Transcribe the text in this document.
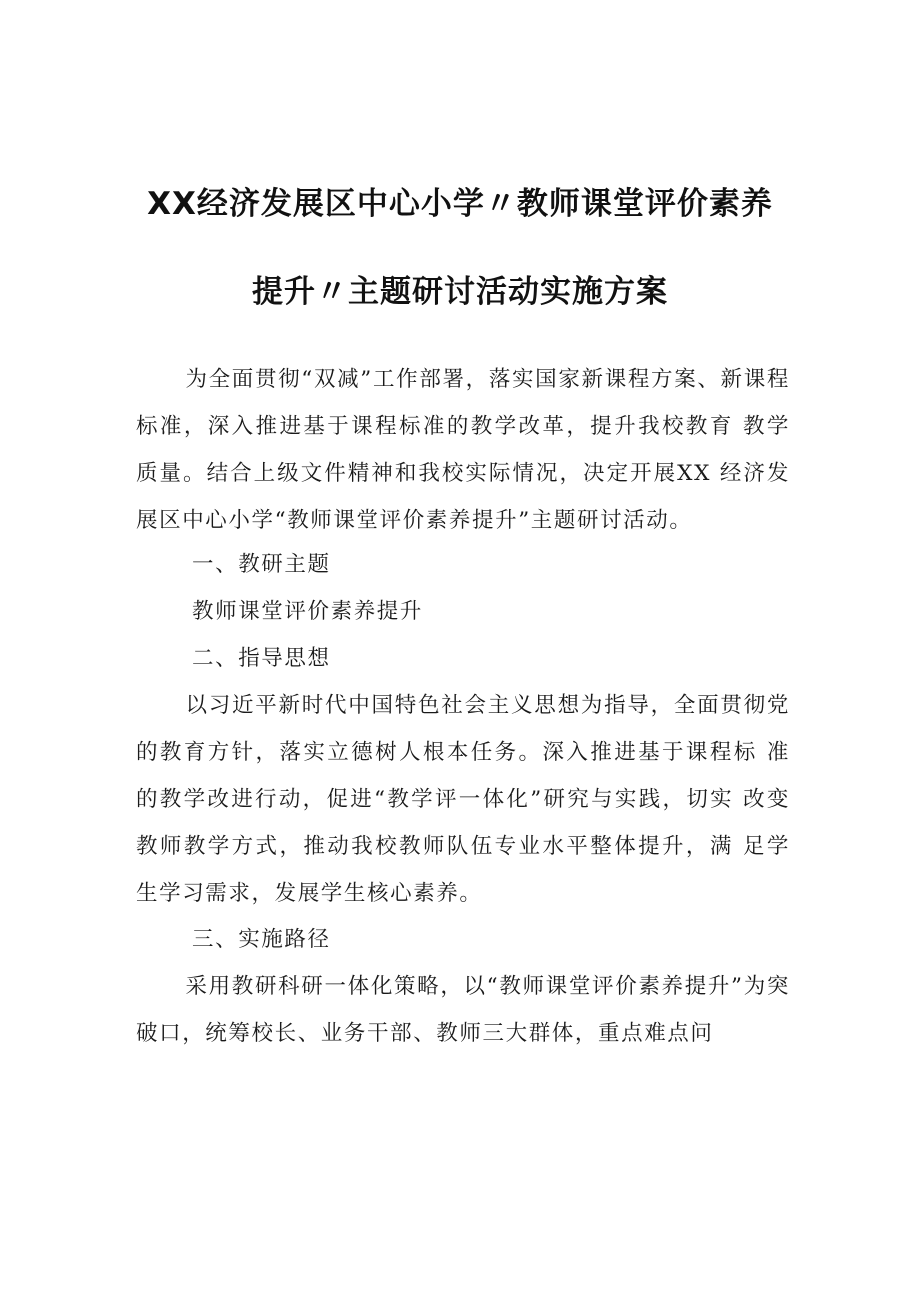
XX经济发展区中心小学〃教师课堂评价素养
提升〃主题研讨活动实施方案

为全面贯彻“双减”工作部署，落实国家新课程方案、新课程标准，深入推进基于课程标准的教学改革，提升我校教育 教学质量。结合上级文件精神和我校实际情况，决定开展XX 经济发展区中心小学“教师课堂评价素养提升”主题研讨活动。

一、教研主题

教师课堂评价素养提升

二、指导思想

以习近平新时代中国特色社会主义思想为指导，全面贯彻党的教育方针，落实立德树人根本任务。深入推进基于课程标 准的教学改进行动，促进“教学评一体化”研究与实践，切实 改变教师教学方式，推动我校教师队伍专业水平整体提升，满 足学生学习需求，发展学生核心素养。

三、实施路径

采用教研科研一体化策略，以“教师课堂评价素养提升”为突破口，统筹校长、业务干部、教师三大群体，重点难点问
